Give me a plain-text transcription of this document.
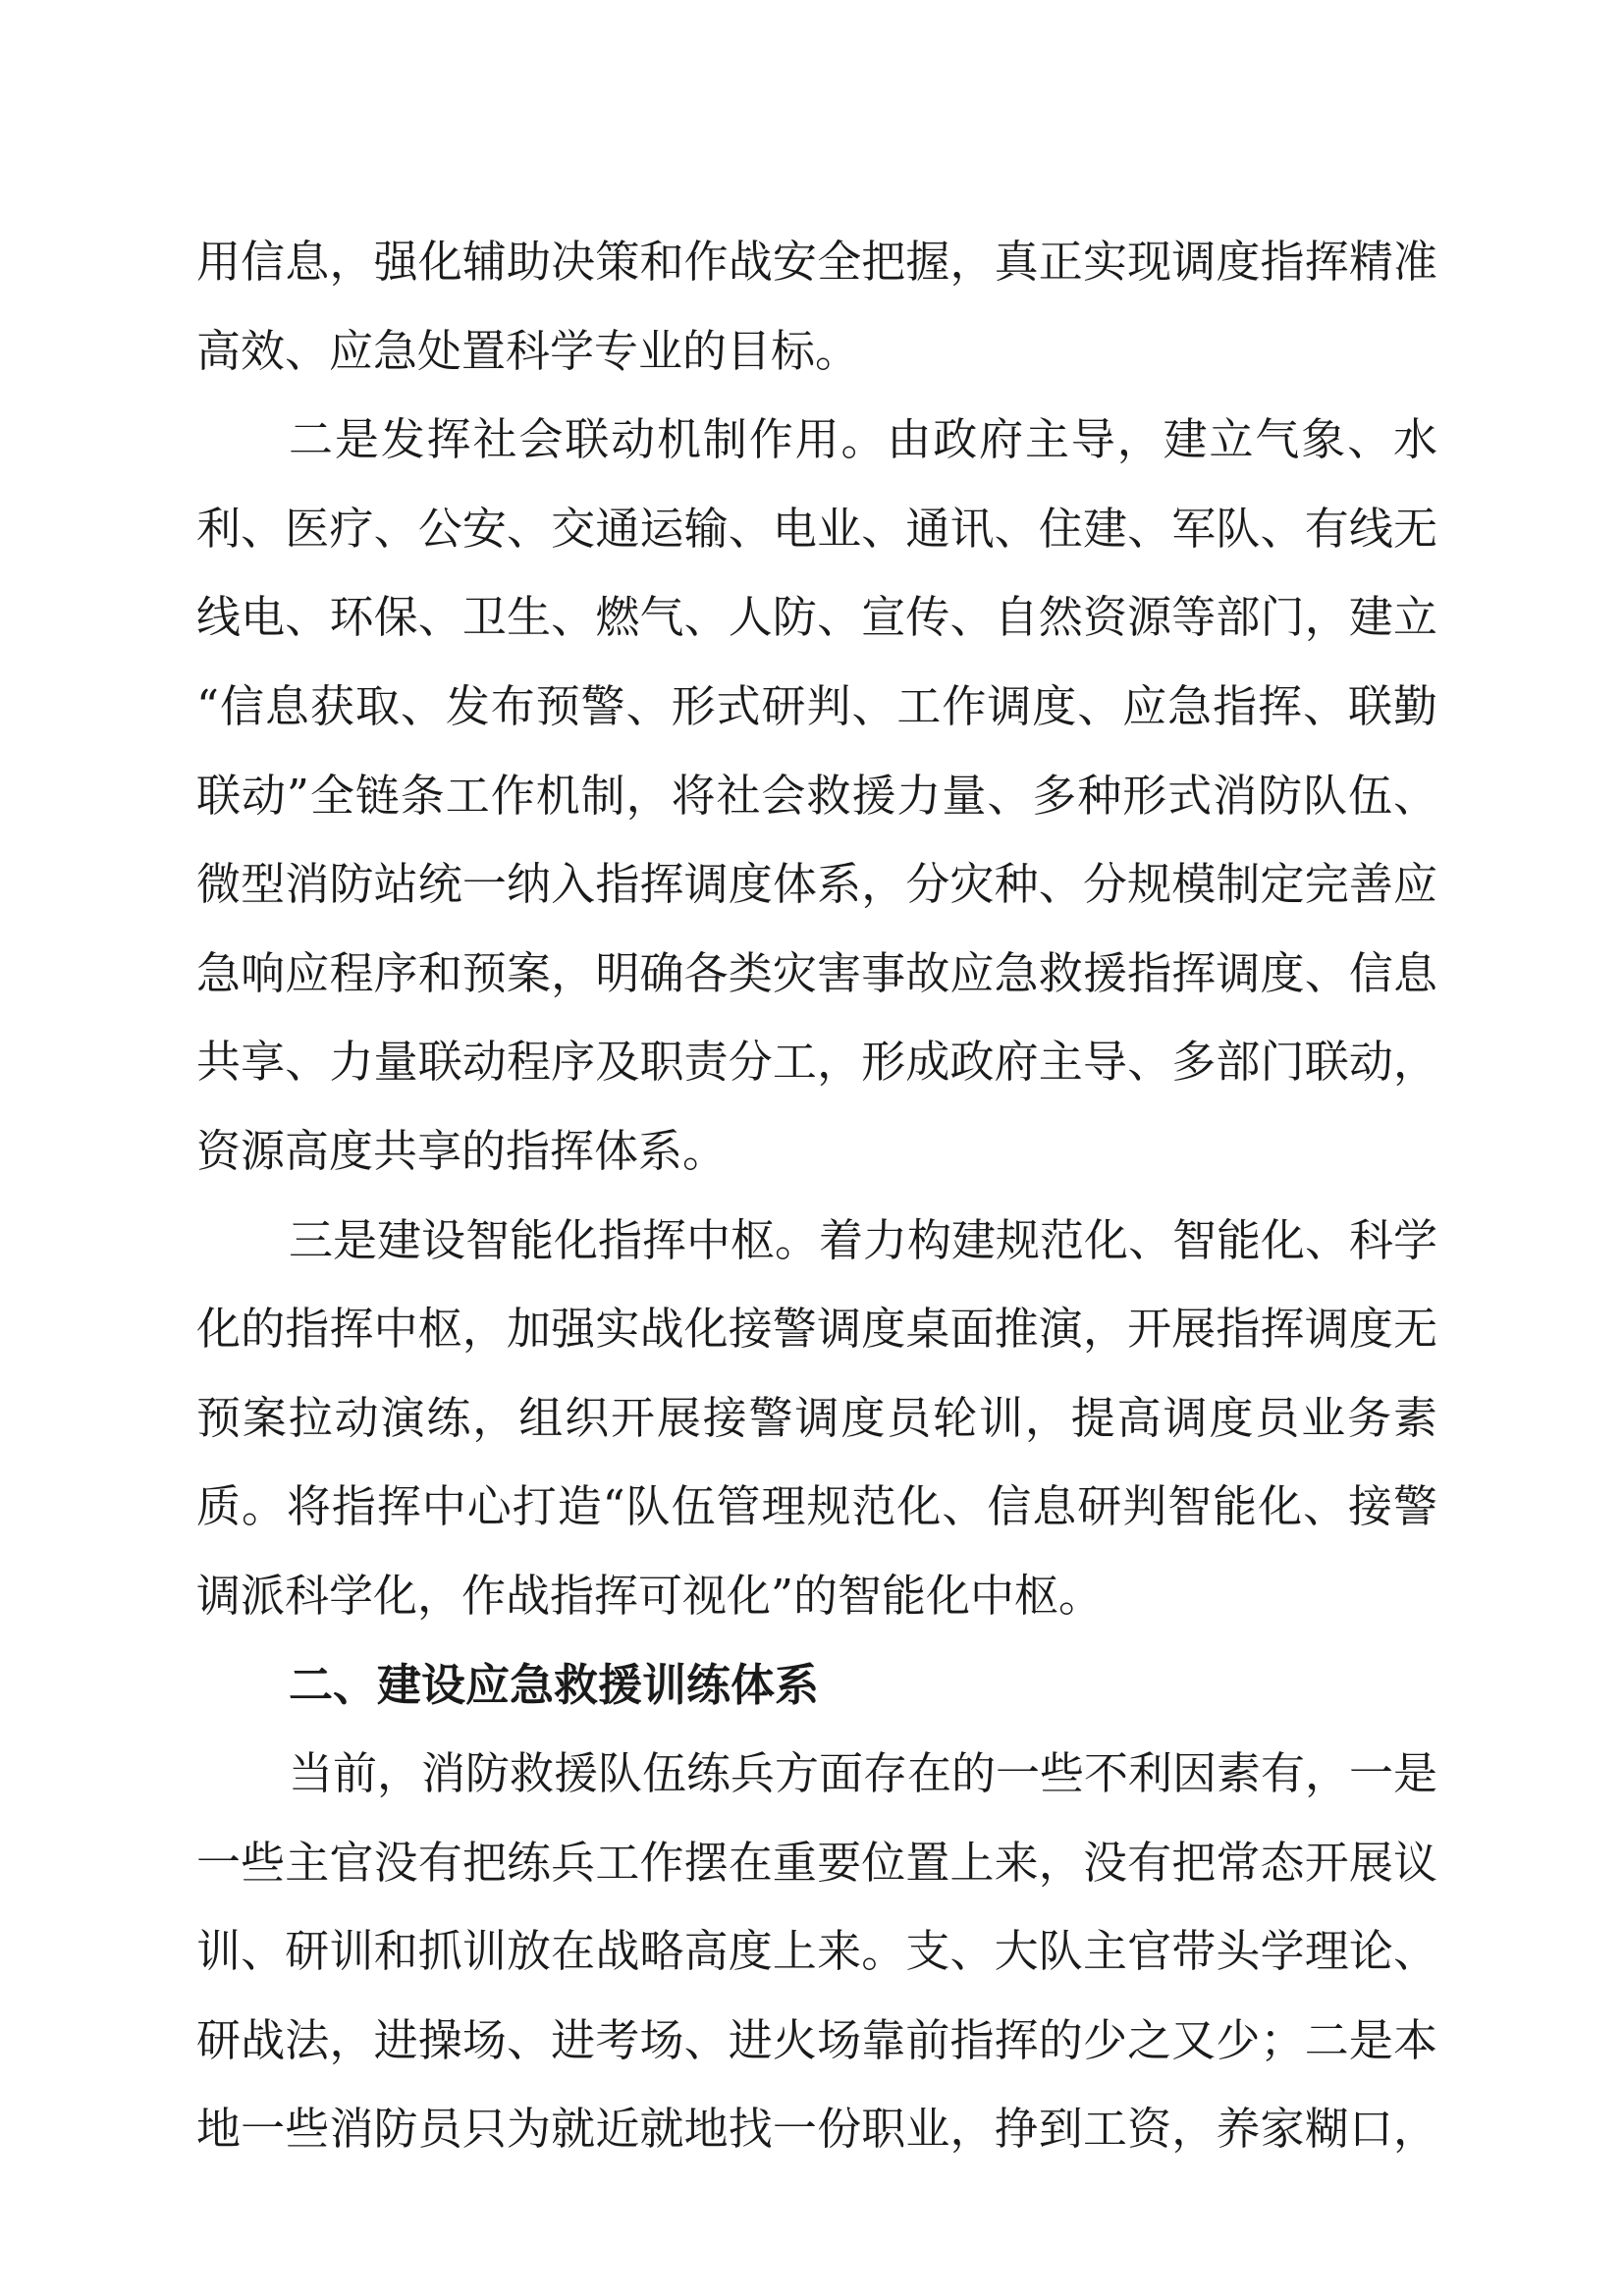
用信息，强化辅助决策和作战安全把握，真正实现调度指挥精准
高效、应急处置科学专业的目标。
二是发挥社会联动机制作用。由政府主导，建立气象、水
利、医疗、公安、交通运输、电业、通讯、住建、军队、有线无
线电、环保、卫生、燃气、人防、宣传、自然资源等部门，建立
“信息获取、发布预警、形式研判、工作调度、应急指挥、联勤
联动”全链条工作机制，将社会救援力量、多种形式消防队伍、
微型消防站统一纳入指挥调度体系，分灾种、分规模制定完善应
急响应程序和预案，明确各类灾害事故应急救援指挥调度、信息
共享、力量联动程序及职责分工，形成政府主导、多部门联动，
资源高度共享的指挥体系。
三是建设智能化指挥中枢。着力构建规范化、智能化、科学
化的指挥中枢，加强实战化接警调度桌面推演，开展指挥调度无
预案拉动演练，组织开展接警调度员轮训，提高调度员业务素
质。将指挥中心打造“队伍管理规范化、信息研判智能化、接警
调派科学化，作战指挥可视化”的智能化中枢。
二、建设应急救援训练体系
当前，消防救援队伍练兵方面存在的一些不利因素有，一是
一些主官没有把练兵工作摆在重要位置上来，没有把常态开展议
训、研训和抓训放在战略高度上来。支、大队主官带头学理论、
研战法，进操场、进考场、进火场靠前指挥的少之又少；二是本
地一些消防员只为就近就地找一份职业，挣到工资，养家糊口，
